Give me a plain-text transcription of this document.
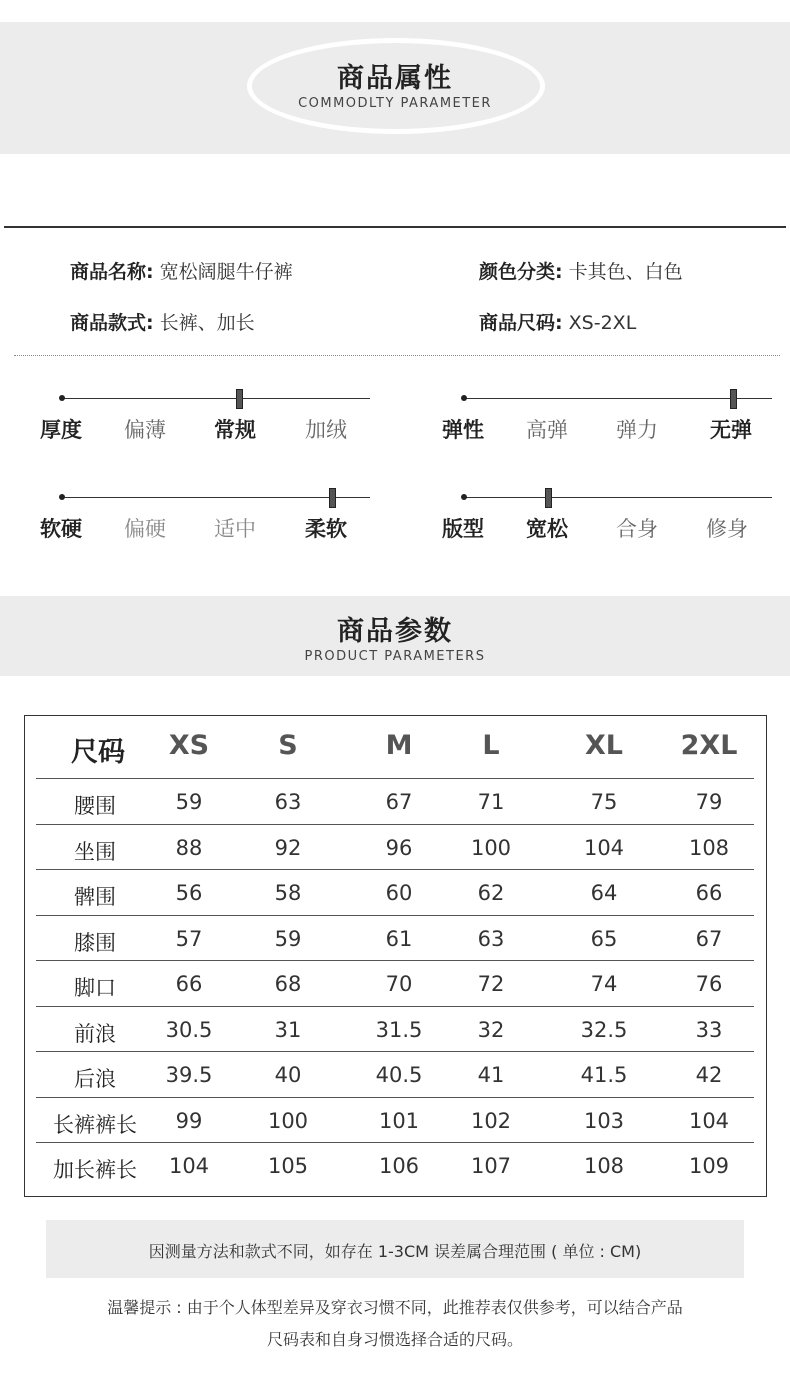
商品属性
COMMODLTY PARAMETER
商品名称: 宽松阔腿牛仔裤	颜色分类: 卡其色、白色
商品款式: 长裤、加长	商品尺码: XS-2XL
厚度 偏薄 常规 加绒	弹性 高弹 弹力 无弹
软硬 偏硬 适中 柔软	版型 宽松 合身 修身
商品参数
PRODUCT PARAMETERS
尺码	XS	S	M	L	XL	2XL
腰围	59	63	67	71	75	79
坐围	88	92	96	100	104	108
髀围	56	58	60	62	64	66
膝围	57	59	61	63	65	67
脚口	66	68	70	72	74	76
前浪	30.5	31	31.5	32	32.5	33
后浪	39.5	40	40.5	41	41.5	42
长裤裤长	99	100	101	102	103	104
加长裤长	104	105	106	107	108	109
因测量方法和款式不同，如存在 1-3CM 误差属合理范围 ( 单位 : CM)
温馨提示 : 由于个人体型差异及穿衣习惯不同，此推荐表仅供参考，可以结合产品
尺码表和自身习惯选择合适的尺码。
